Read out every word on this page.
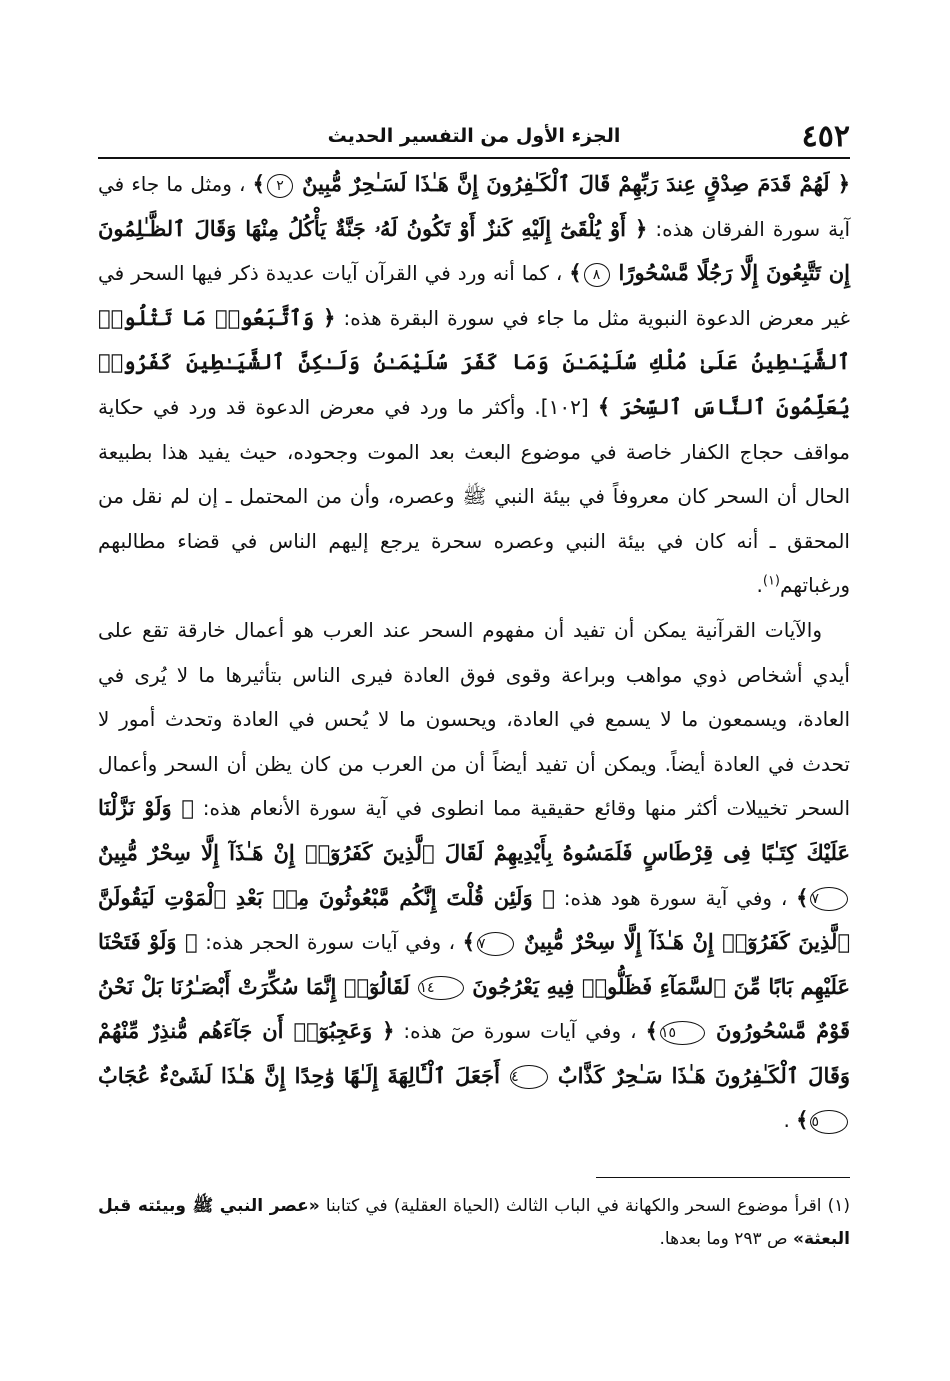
٤٥٢
الجزء الأول من التفسير الحديث

﴿ لَهُمْ قَدَمَ صِدْقٍ عِندَ رَبِّهِمْ قَالَ ٱلْكَـٰفِرُونَ إِنَّ هَـٰذَا لَسَـٰحِرٌ مُّبِينٌ ٢﴾ ، ومثل ما جاء في آية سورة الفرقان هذه: ﴿ أَوْ يُلْقَىٰٓ إِلَيْهِ كَنزٌ أَوْ تَكُونُ لَهُۥ جَنَّةٌ يَأْكُلُ مِنْهَا وَقَالَ ٱلظَّـٰلِمُونَ إِن تَتَّبِعُونَ إِلَّا رَجُلًا مَّسْحُورًا ٨﴾ ، كما أنه ورد في القرآن آيات عديدة ذكر فيها السحر في غير معرض الدعوة النبوية مثل ما جاء في سورة البقرة هذه: ﴿ وَٱتَّبَعُوا۟ مَا تَتْلُوا۟ ٱلشَّيَـٰطِينُ عَلَىٰ مُلْكِ سُلَيْمَـٰنَ وَمَا كَفَرَ سُلَيْمَـٰنُ وَلَـٰكِنَّ ٱلشَّيَـٰطِينَ كَفَرُوا۟ يُعَلِّمُونَ ٱلنَّاسَ ٱلسِّحْرَ ﴾ [١٠٢]. وأكثر ما ورد في معرض الدعوة قد ورد في حكاية مواقف حجاج الكفار خاصة في موضوع البعث بعد الموت وجحوده، حيث يفيد هذا بطبيعة الحال أن السحر كان معروفاً في بيئة النبي ﷺ وعصره، وأن من المحتمل ـ إن لم نقل من المحقق ـ أنه كان في بيئة النبي وعصره سحرة يرجع إليهم الناس في قضاء مطالبهم ورغباتهم$^{(١)}$.

والآيات القرآنية يمكن أن تفيد أن مفهوم السحر عند العرب هو أعمال خارقة تقع على أيدي أشخاص ذوي مواهب وبراعة وقوى فوق العادة فيرى الناس بتأثيرها ما لا يُرى في العادة، ويسمعون ما لا يسمع في العادة، ويحسون ما لا يُحس في العادة وتحدث أمور لا تحدث في العادة أيضاً. ويمكن أن تفيد أيضاً أن من العرب من كان يظن أن السحر وأعمال السحر تخييلات أكثر منها وقائع حقيقية مما انطوى في آية سورة الأنعام هذه: ﴿ وَلَوْ نَزَّلْنَا عَلَيْكَ كِتَـٰبًا فِى قِرْطَاسٍ فَلَمَسُوهُ بِأَيْدِيهِمْ لَقَالَ ٱلَّذِينَ كَفَرُوٓا۟ إِنْ هَـٰذَآ إِلَّا سِحْرٌ مُّبِينٌ ٧﴾ ، وفي آية سورة هود هذه: ﴿ وَلَئِن قُلْتَ إِنَّكُم مَّبْعُوثُونَ مِنۢ بَعْدِ ٱلْمَوْتِ لَيَقُولَنَّ ٱلَّذِينَ كَفَرُوٓا۟ إِنْ هَـٰذَآ إِلَّا سِحْرٌ مُّبِينٌ ٧﴾ ، وفي آيات سورة الحجر هذه: ﴿ وَلَوْ فَتَحْنَا عَلَيْهِم بَابًا مِّنَ ٱلسَّمَآءِ فَظَلُّوا۟ فِيهِ يَعْرُجُونَ ١٤ لَقَالُوٓا۟ إِنَّمَا سُكِّرَتْ أَبْصَـٰرُنَا بَلْ نَحْنُ قَوْمٌ مَّسْحُورُونَ ١٥﴾ ، وفي آيات سورة صٓ هذه: ﴿ وَعَجِبُوٓا۟ أَن جَآءَهُم مُّنذِرٌ مِّنْهُمْ وَقَالَ ٱلْكَـٰفِرُونَ هَـٰذَا سَـٰحِرٌ كَذَّابٌ ٤ أَجَعَلَ ٱلْـَٔالِهَةَ إِلَـٰهًا وَٰحِدًا إِنَّ هَـٰذَا لَشَىْءٌ عُجَابٌ ٥﴾ .

(١) اقرأ موضوع السحر والكهانة في الباب الثالث (الحياة العقلية) في كتابنا «عصر النبي ﷺ وبيئته قبل البعثة» ص ٢٩٣ وما بعدها.
